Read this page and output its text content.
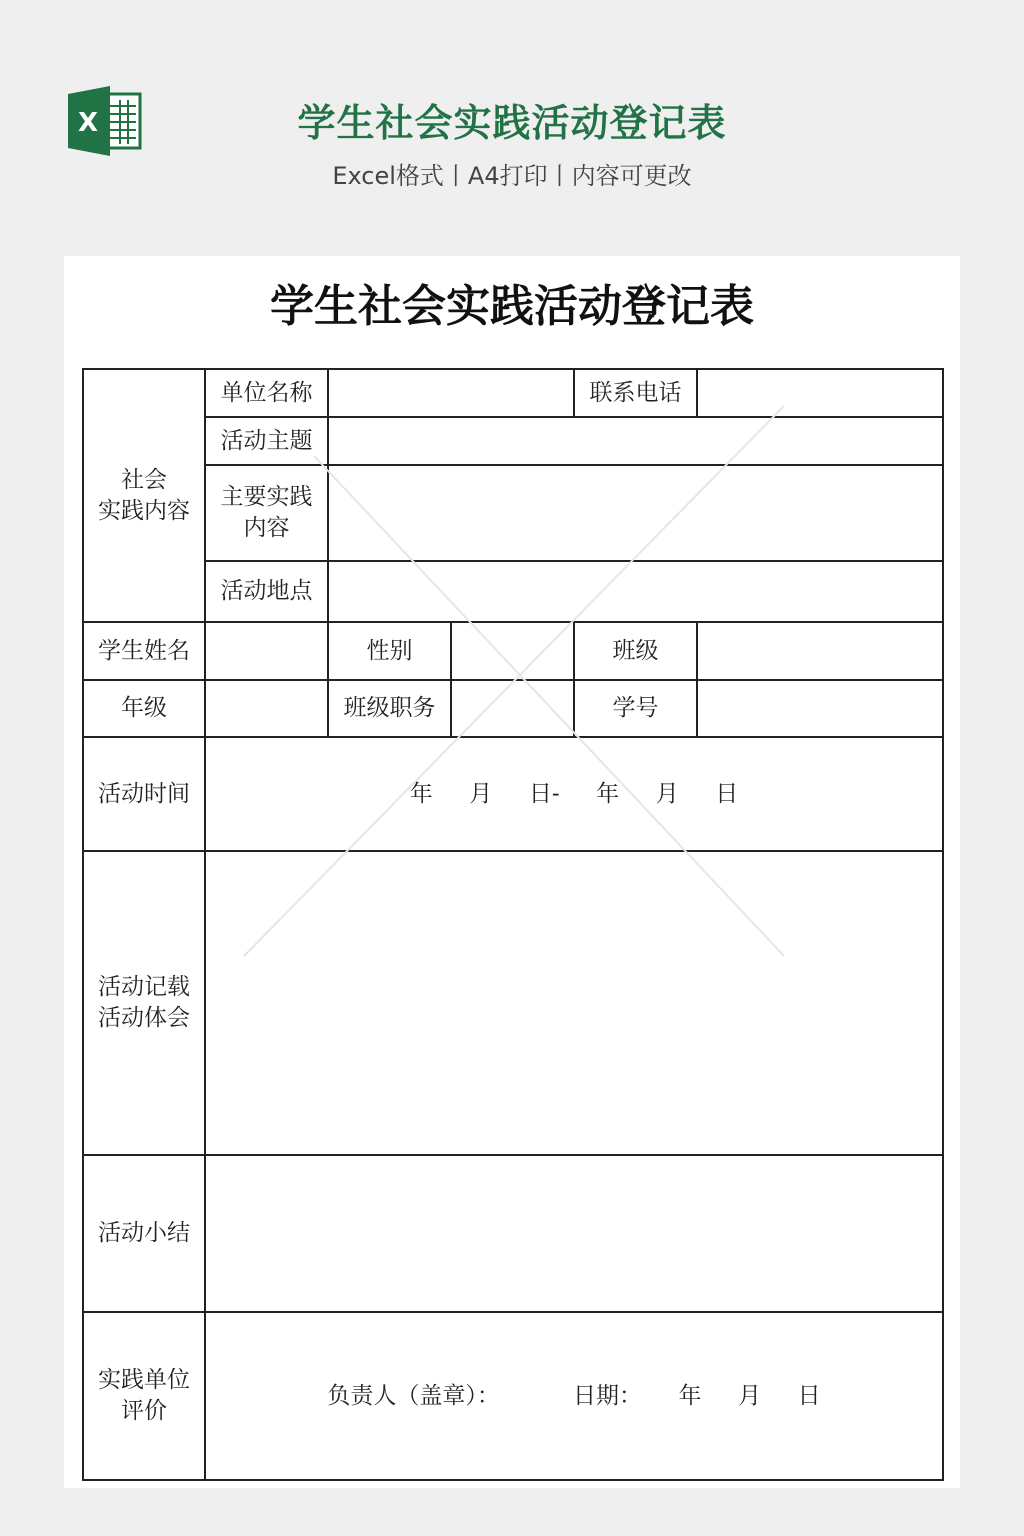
X	学生社会实践活动登记表
Excel格式丨A4打印丨内容可更改
学生社会实践活动登记表
社会
实践内容	单位名称			联系电话	
	活动主题				

	主要实践
内容				

	活动地点				
学生姓名		性别		班级	
年级		班级职务		学号	
活动时间	年     月     日-     年     月     日				

活动记载
活动体会					

活动小结					

实践单位
评价	负责人（盖章）：          日期：     年     月     日				
